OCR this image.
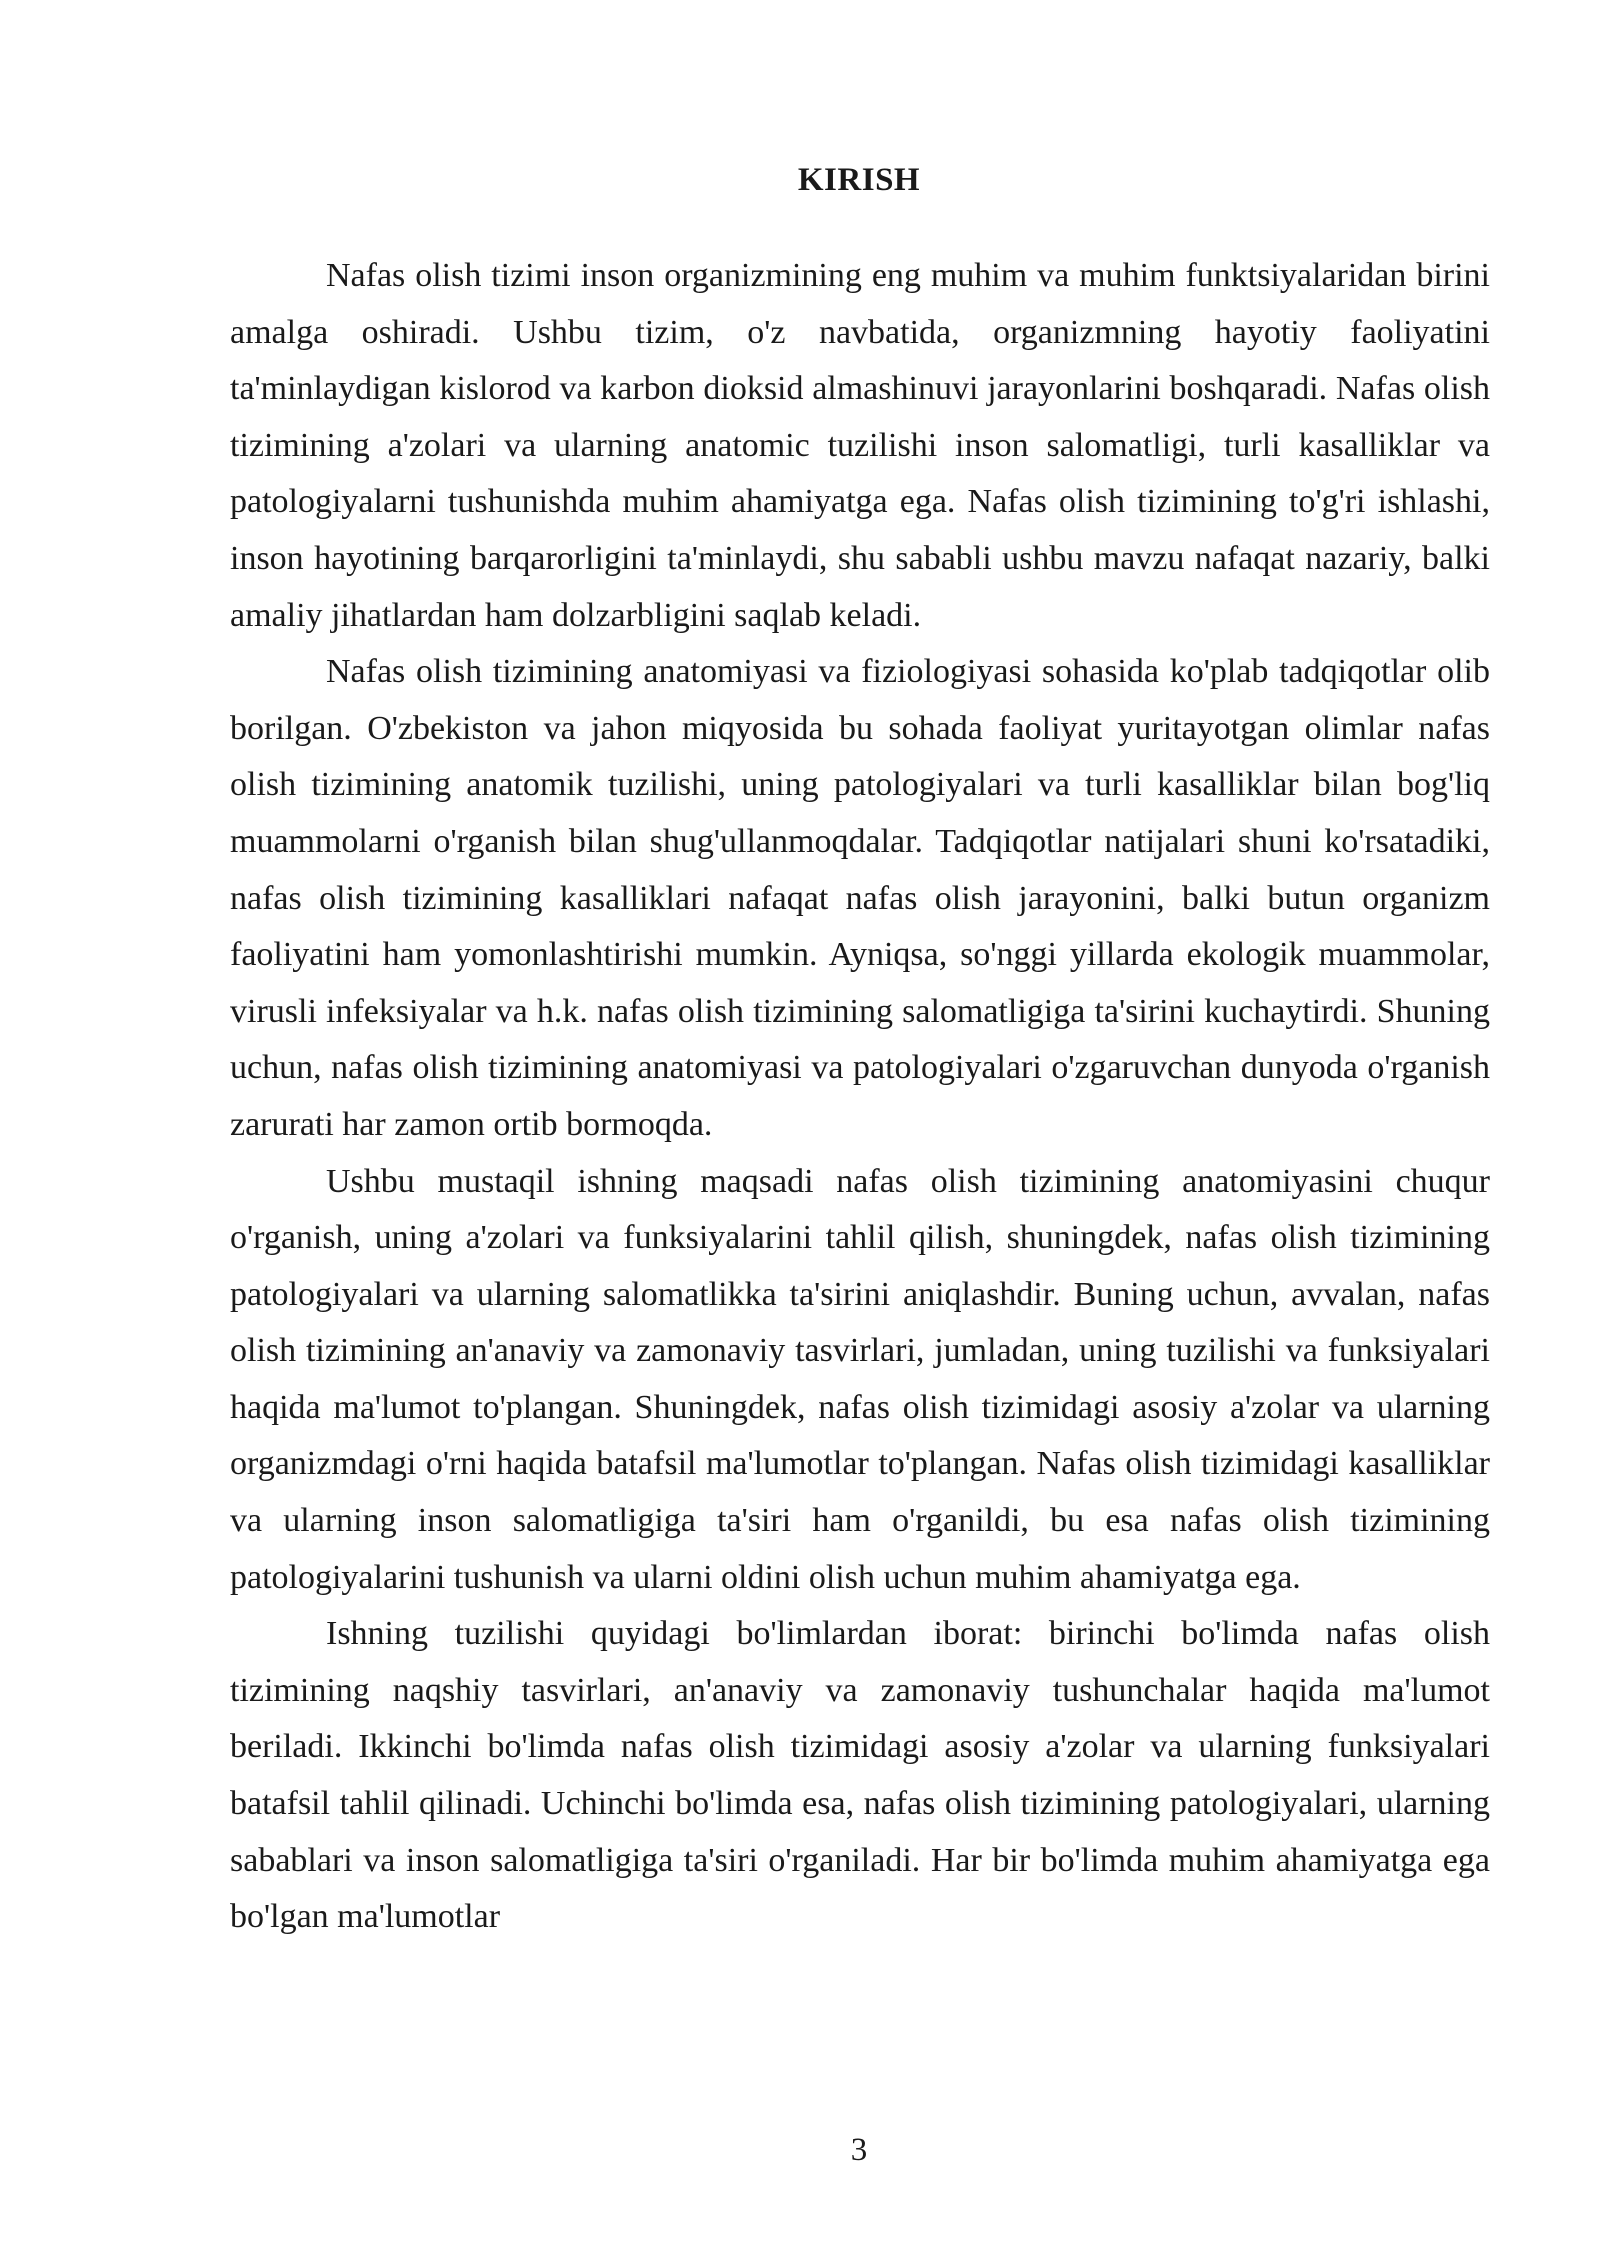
KIRISH

Nafas olish tizimi inson organizmining eng muhim va muhim funktsiyalaridan birini amalga oshiradi. Ushbu tizim, o'z navbatida, organizmning hayotiy faoliyatini ta'minlaydigan kislorod va karbon dioksid almashinuvi jarayonlarini boshqaradi. Nafas olish tizimining a'zolari va ularning anatomic tuzilishi inson salomatligi, turli kasalliklar va patologiyalarni tushunishda muhim ahamiyatga ega. Nafas olish tizimining to'g'ri ishlashi, inson hayotining barqarorligini ta'minlaydi, shu sababli ushbu mavzu nafaqat nazariy, balki amaliy jihatlardan ham dolzarbligini saqlab keladi.

Nafas olish tizimining anatomiyasi va fiziologiyasi sohasida ko'plab tadqiqotlar olib borilgan. O'zbekiston va jahon miqyosida bu sohada faoliyat yuritayotgan olimlar nafas olish tizimining anatomik tuzilishi, uning patologiyalari va turli kasalliklar bilan bog'liq muammolarni o'rganish bilan shug'ullanmoqdalar. Tadqiqotlar natijalari shuni ko'rsatadiki, nafas olish tizimining kasalliklari nafaqat nafas olish jarayonini, balki butun organizm faoliyatini ham yomonlashtirishi mumkin. Ayniqsa, so'nggi yillarda ekologik muammolar, virusli infeksiyalar va h.k. nafas olish tizimining salomatligiga ta'sirini kuchaytirdi. Shuning uchun, nafas olish tizimining anatomiyasi va patologiyalari o'zgaruvchan dunyoda o'rganish zarurati har zamon ortib bormoqda.

Ushbu mustaqil ishning maqsadi nafas olish tizimining anatomiyasini chuqur o'rganish, uning a'zolari va funksiyalarini tahlil qilish, shuningdek, nafas olish tizimining patologiyalari va ularning salomatlikka ta'sirini aniqlashdir. Buning uchun, avvalan, nafas olish tizimining an'anaviy va zamonaviy tasvirlari, jumladan, uning tuzilishi va funksiyalari haqida ma'lumot to'plangan. Shuningdek, nafas olish tizimidagi asosiy a'zolar va ularning organizmdagi o'rni haqida batafsil ma'lumotlar to'plangan. Nafas olish tizimidagi kasalliklar va ularning inson salomatligiga ta'siri ham o'rganildi, bu esa nafas olish tizimining patologiyalarini tushunish va ularni oldini olish uchun muhim ahamiyatga ega.

Ishning tuzilishi quyidagi bo'limlardan iborat: birinchi bo'limda nafas olish tizimining naqshiy tasvirlari, an'anaviy va zamonaviy tushunchalar haqida ma'lumot beriladi. Ikkinchi bo'limda nafas olish tizimidagi asosiy a'zolar va ularning funksiyalari batafsil tahlil qilinadi. Uchinchi bo'limda esa, nafas olish tizimining patologiyalari, ularning sabablari va inson salomatligiga ta'siri o'rganiladi. Har bir bo'limda muhim ahamiyatga ega bo'lgan ma'lumotlar

3
